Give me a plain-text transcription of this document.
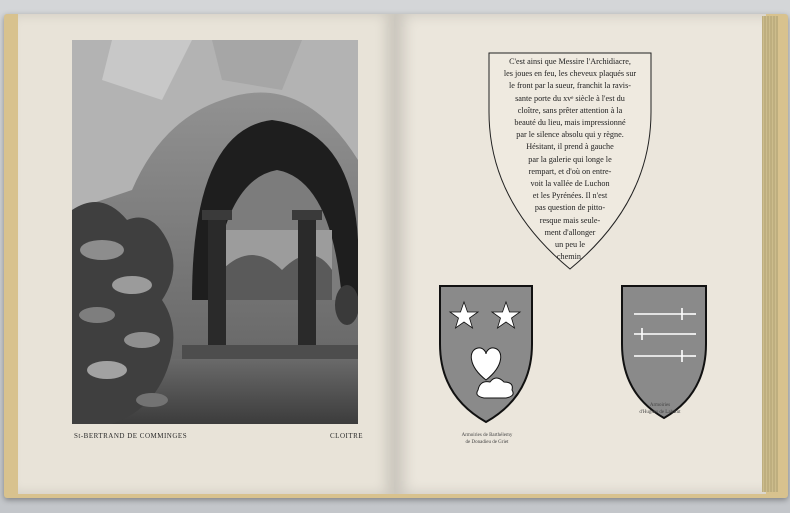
St-BERTRAND DE COMMINGES	CLOITRE
C'est ainsi que Messire l'Archidiacre,
les joues en feu, les cheveux plaqués sur
le front par la sueur, franchit la ravis-
sante porte du xvᵉ siècle à l'est du
cloître, sans prêter attention à la
beauté du lieu, mais impressionné
par le silence absolu qui y règne.
Hésitant, il prend à gauche
par la galerie qui longe le
rempart, et d'où on entre-
voit la vallée de Luchon
et les Pyrénées. Il n'est
pas question de pitto-
resque mais seule-
ment d'allonger
un peu le
chemin.
Armoiries de Barthélemy
de Donadieu de Griet
Armoiries
d'Hugues de Labatut
